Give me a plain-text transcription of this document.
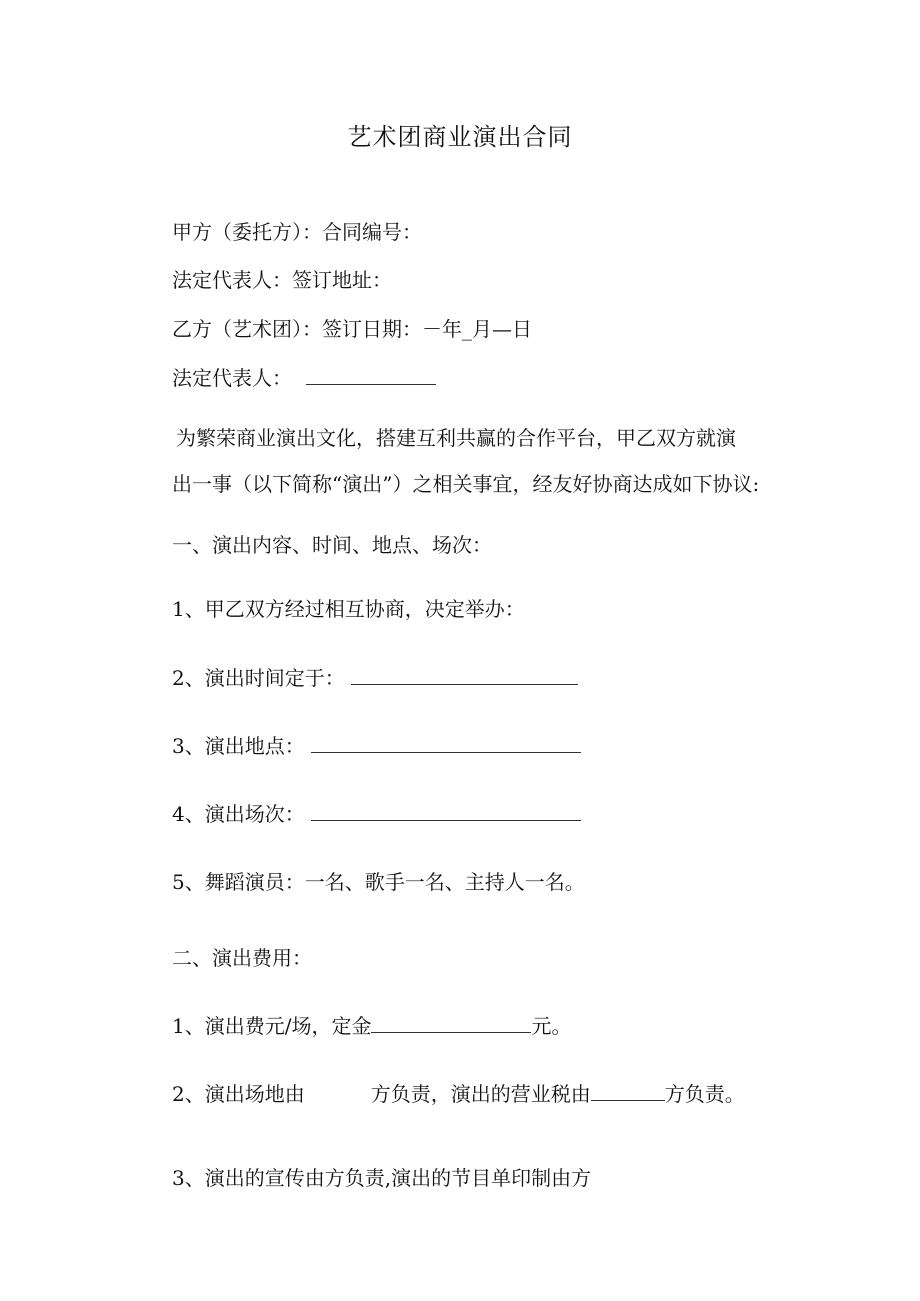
艺术团商业演出合同
甲方（委托方）：合同编号：
法定代表人：签订地址：
乙方（艺术团）：签订日期：－年_月—日
法定代表人：
为繁荣商业演出文化，搭建互利共赢的合作平台，甲乙双方就演
出一事（以下简称“演出”）之相关事宜，经友好协商达成如下协议:
一、演出内容、时间、地点、场次：
1、甲乙双方经过相互协商，决定举办：
2、演出时间定于：
3、演出地点：
4、演出场次：
5、舞蹈演员：一名、歌手一名、主持人一名。
二、演出费用：
1、演出费元/场，定金	元。
2、演出场地由	方负责，演出的营业税由	方负责。
3、演出的宣传由方负责,演出的节目单印制由方
